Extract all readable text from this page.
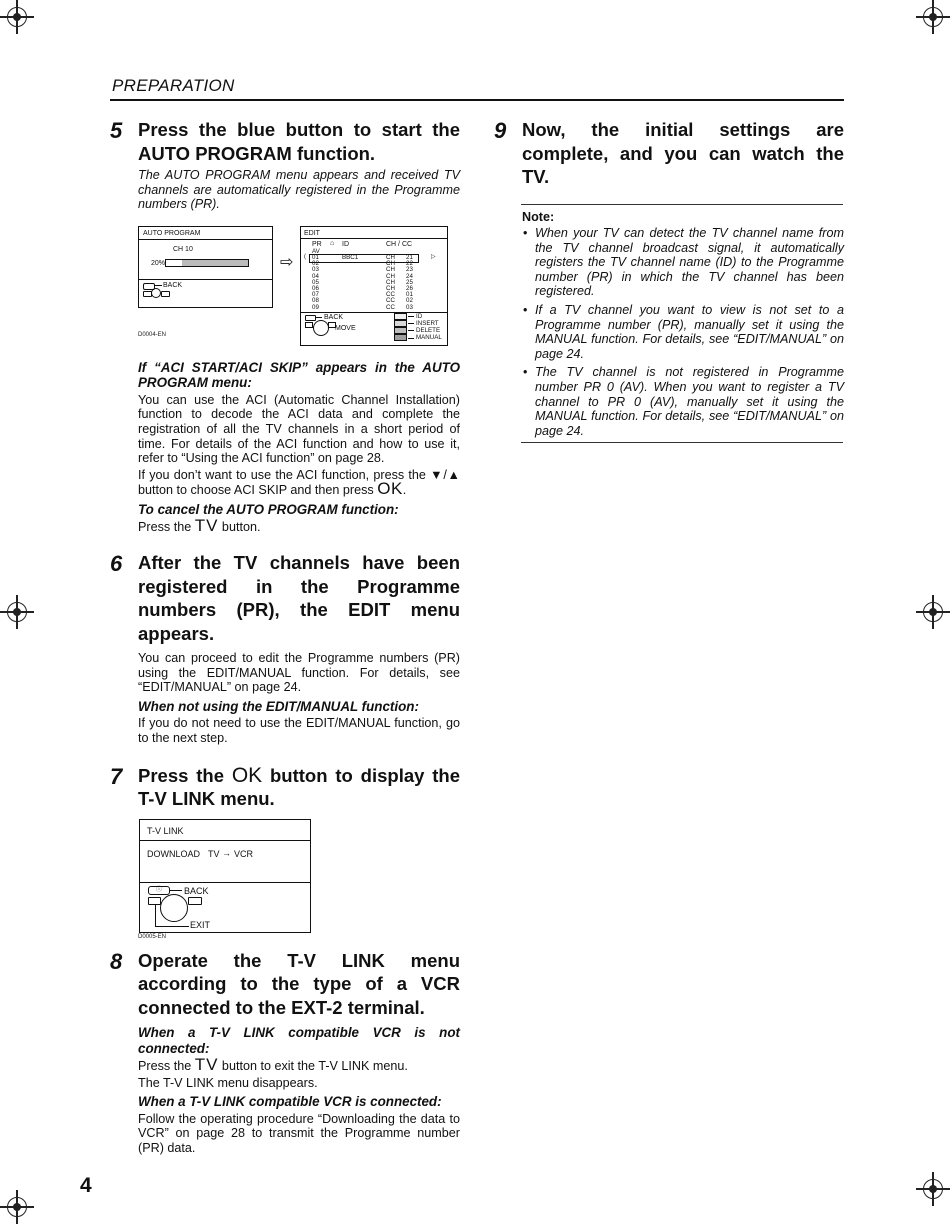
PREPARATION
5 Press the blue button to start the AUTO PROGRAM function.
The AUTO PROGRAM menu appears and received TV channels are automatically registered in the Programme numbers (PR).
AUTO PROGRAM
CH 10
20%
BACK
⇨
EDIT
PR ⌂ ID	CH / CC
(	▷
AV
01	BBC1	CH 21
02	CH 22
03	CH 23
04	CH 24
05	CH 25
06	CH 26
07	CC 01
08	CC 02
09	CC 03
BACK
MOVE
ID
INSERT
DELETE
MANUAL
D0004-EN
If “ACI START/ACI SKIP” appears in the AUTO PROGRAM menu:
You can use the ACI (Automatic Channel Installation) function to decode the ACI data and complete the registration of all the TV channels in a short period of time. For details of the ACI function and how to use it, refer to “Using the ACI function” on page 28.
If you don’t want to use the ACI function, press the ▼/▲ button to choose ACI SKIP and then press OK.
To cancel the AUTO PROGRAM function:
Press the TV button.
6 After the TV channels have been registered in the Programme numbers (PR), the EDIT menu appears.
You can proceed to edit the Programme numbers (PR) using the EDIT/MANUAL function. For details, see “EDIT/MANUAL” on page 24.
When not using the EDIT/MANUAL function:
If you do not need to use the EDIT/MANUAL function, go to the next step.
7 Press the OK button to display the T-V LINK menu.
T-V LINK
DOWNLOAD TV → VCR
ⓘ	BACK
EXIT
D0005-EN
8 Operate the T-V LINK menu according to the type of a VCR connected to the EXT-2 terminal.
When a T-V LINK compatible VCR is not connected:
Press the TV button to exit the T-V LINK menu.
The T-V LINK menu disappears.
When a T-V LINK compatible VCR is connected:
Follow the operating procedure “Downloading the data to VCR” on page 28 to transmit the Programme number (PR) data.
9 Now, the initial settings are complete, and you can watch the TV.
Note:
• When your TV can detect the TV channel name from the TV channel broadcast signal, it automatically registers the TV channel name (ID) to the Programme number (PR) in which the TV channel has been registered.
• If a TV channel you want to view is not set to a Programme number (PR), manually set it using the MANUAL function. For details, see “EDIT/MANUAL” on page 24.
• The TV channel is not registered in Programme number PR 0 (AV). When you want to register a TV channel to PR 0 (AV), manually set it using the MANUAL function. For details, see “EDIT/MANUAL” on page 24.
4
